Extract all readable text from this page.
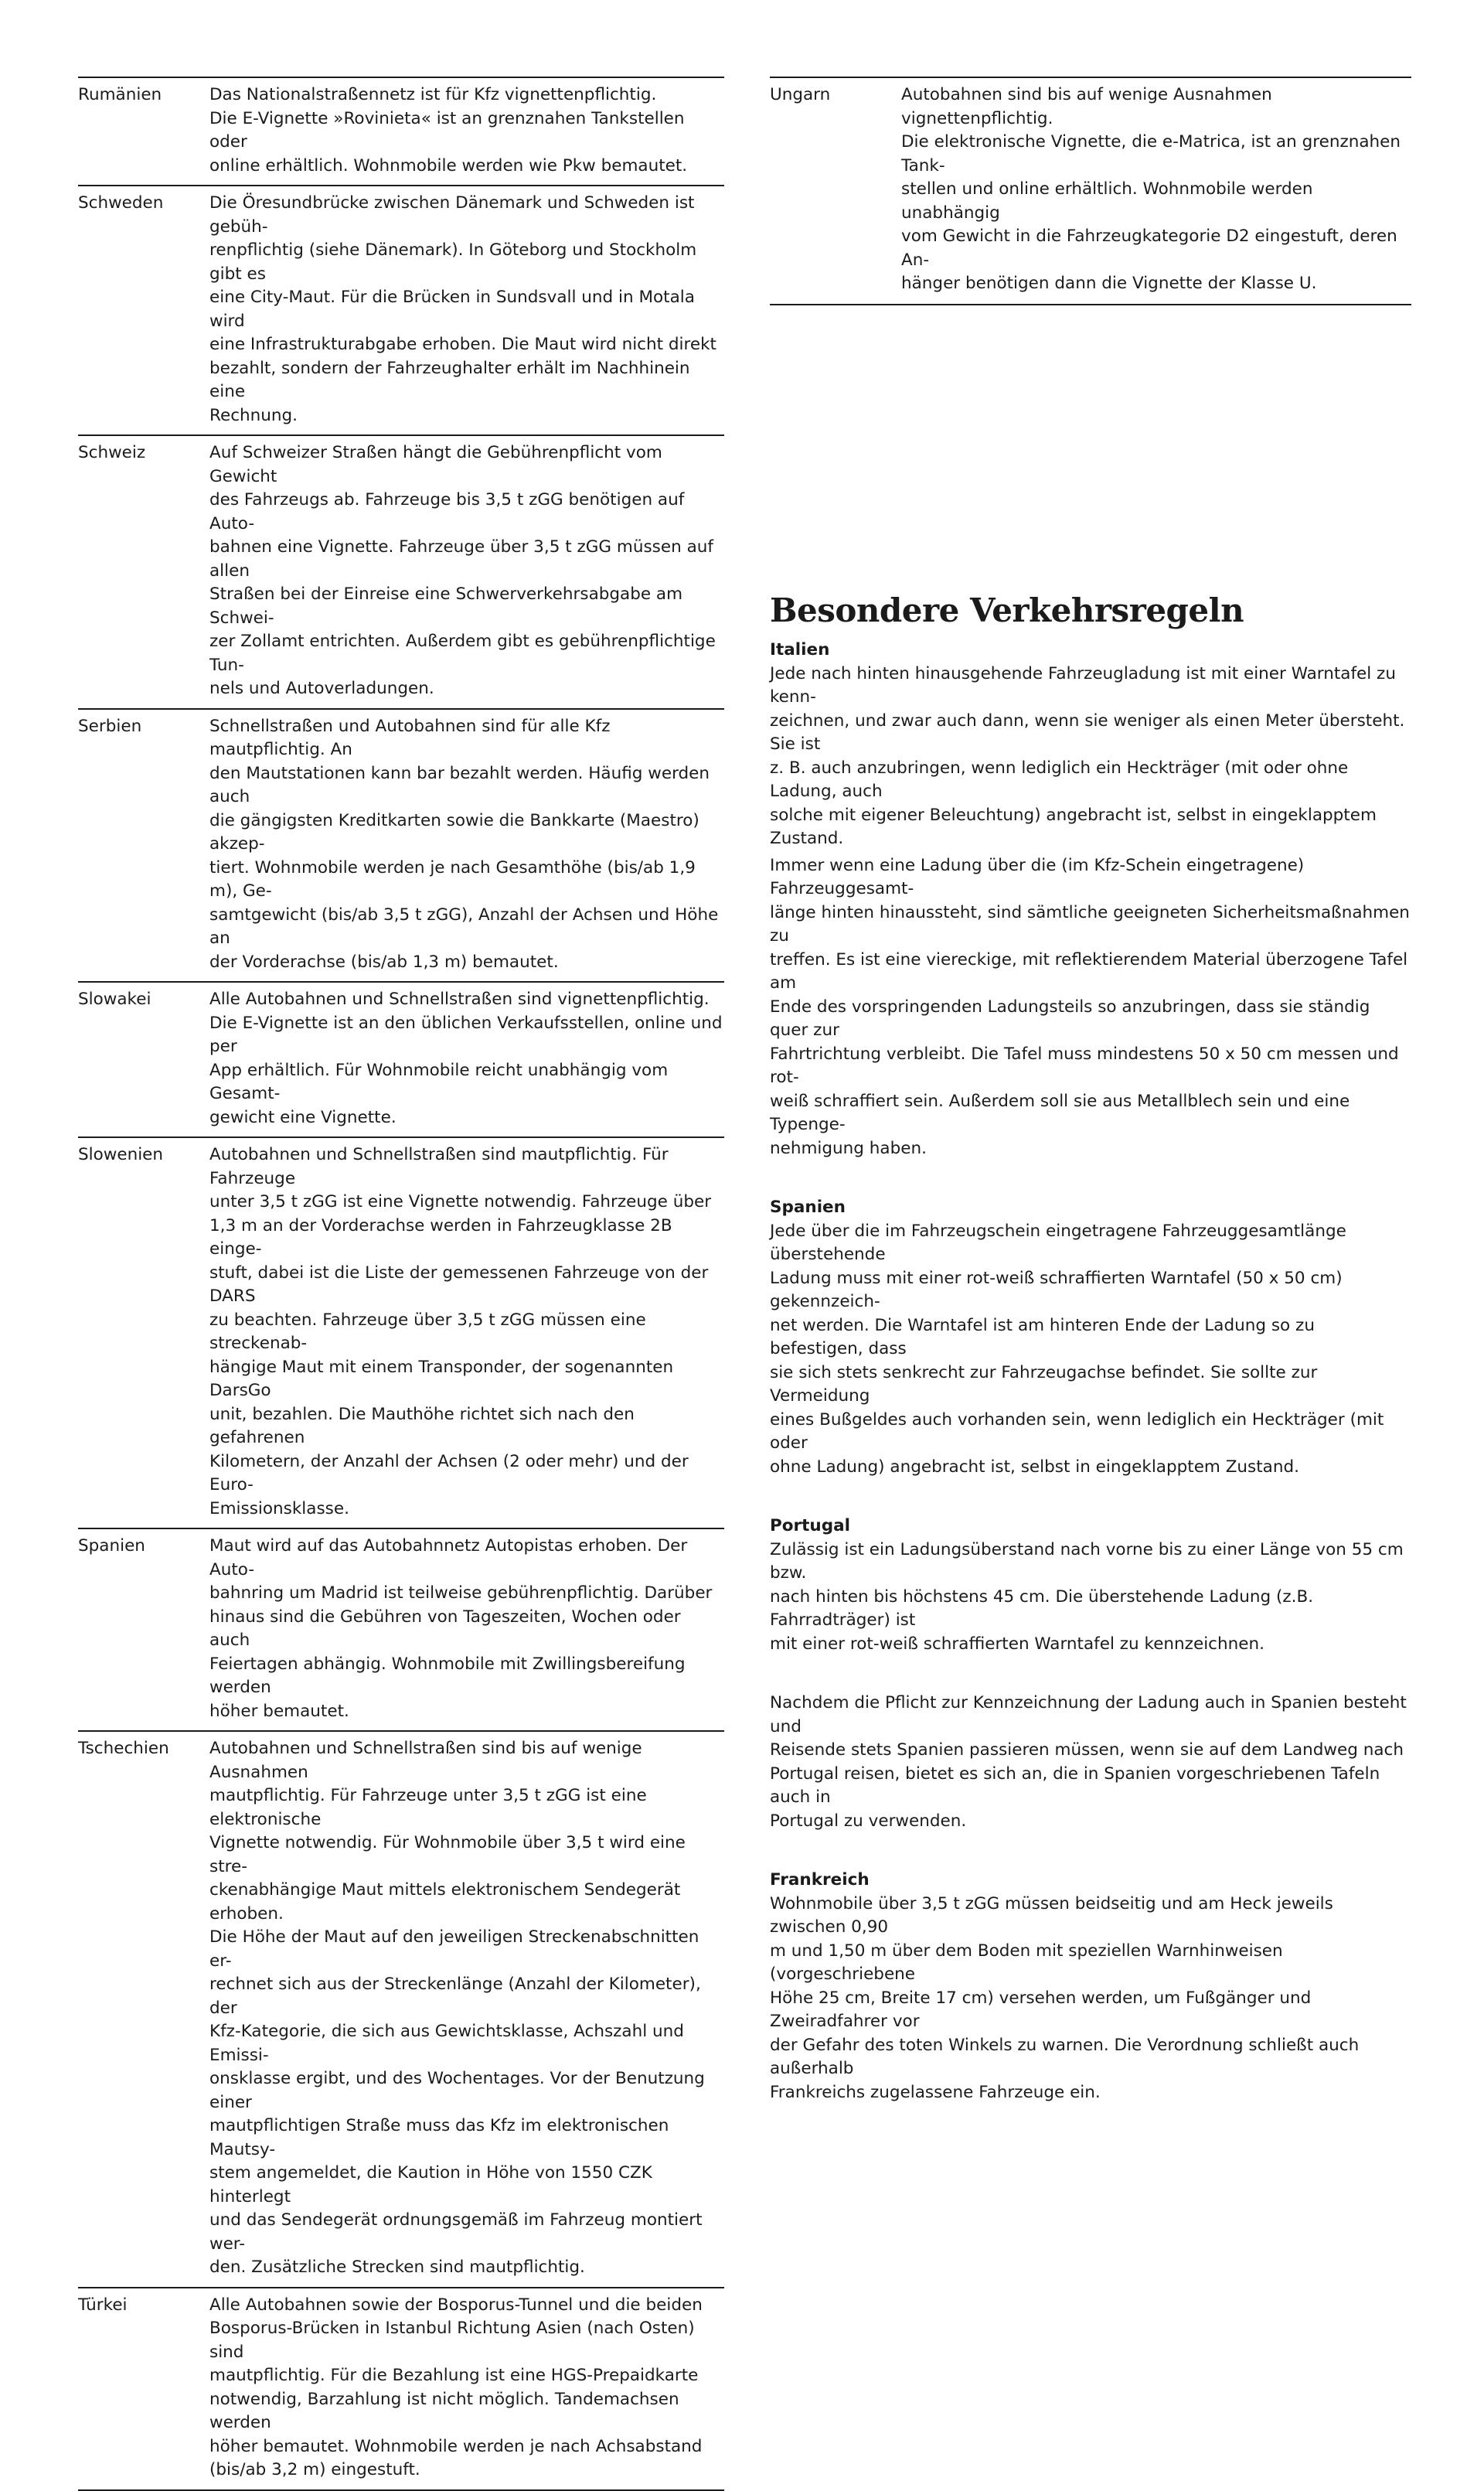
Rumänien	Das Nationalstraßennetz ist für Kfz vignettenpflichtig.
Die E-Vignette »Rovinieta« ist an grenznahen Tankstellen oder
online erhältlich. Wohnmobile werden wie Pkw bemautet.
Schweden	Die Öresundbrücke zwischen Dänemark und Schweden ist gebüh-
renpflichtig (siehe Dänemark). In Göteborg und Stockholm gibt es
eine City-Maut. Für die Brücken in Sundsvall und in Motala wird
eine Infrastrukturabgabe erhoben. Die Maut wird nicht direkt
bezahlt, sondern der Fahrzeughalter erhält im Nachhinein eine
Rechnung.
Schweiz	Auf Schweizer Straßen hängt die Gebührenpflicht vom Gewicht
des Fahrzeugs ab. Fahrzeuge bis 3,5 t zGG benötigen auf Auto-
bahnen eine Vignette. Fahrzeuge über 3,5 t zGG müssen auf allen
Straßen bei der Einreise eine Schwerverkehrsabgabe am Schwei-
zer Zollamt entrichten. Außerdem gibt es gebührenpflichtige Tun-
nels und Autoverladungen.
Serbien	Schnellstraßen und Autobahnen sind für alle Kfz mautpflichtig. An
den Mautstationen kann bar bezahlt werden. Häufig werden auch
die gängigsten Kreditkarten sowie die Bankkarte (Maestro) akzep-
tiert. Wohnmobile werden je nach Gesamthöhe (bis/ab 1,9 m), Ge-
samtgewicht (bis/ab 3,5 t zGG), Anzahl der Achsen und Höhe an
der Vorderachse (bis/ab 1,3 m) bemautet.
Slowakei	Alle Autobahnen und Schnellstraßen sind vignettenpflichtig.
Die E-Vignette ist an den üblichen Verkaufsstellen, online und per
App erhältlich. Für Wohnmobile reicht unabhängig vom Gesamt-
gewicht eine Vignette.
Slowenien	Autobahnen und Schnellstraßen sind mautpflichtig. Für Fahrzeuge
unter 3,5 t zGG ist eine Vignette notwendig. Fahrzeuge über
1,3 m an der Vorderachse werden in Fahrzeugklasse 2B einge-
stuft, dabei ist die Liste der gemessenen Fahrzeuge von der DARS
zu beachten. Fahrzeuge über 3,5 t zGG müssen eine streckenab-
hängige Maut mit einem Transponder, der sogenannten DarsGo
unit, bezahlen. Die Mauthöhe richtet sich nach den gefahrenen
Kilometern, der Anzahl der Achsen (2 oder mehr) und der Euro-
Emissionsklasse.
Spanien	Maut wird auf das Autobahnnetz Autopistas erhoben. Der Auto-
bahnring um Madrid ist teilweise gebührenpflichtig. Darüber
hinaus sind die Gebühren von Tageszeiten, Wochen oder auch
Feiertagen abhängig. Wohnmobile mit Zwillingsbereifung werden
höher bemautet.
Tschechien	Autobahnen und Schnellstraßen sind bis auf wenige Ausnahmen
mautpflichtig. Für Fahrzeuge unter 3,5 t zGG ist eine elektronische
Vignette notwendig. Für Wohnmobile über 3,5 t wird eine stre-
ckenabhängige Maut mittels elektronischem Sendegerät erhoben.
Die Höhe der Maut auf den jeweiligen Streckenabschnitten er-
rechnet sich aus der Streckenlänge (Anzahl der Kilometer), der
Kfz-Kategorie, die sich aus Gewichtsklasse, Achszahl und Emissi-
onsklasse ergibt, und des Wochentages. Vor der Benutzung einer
mautpflichtigen Straße muss das Kfz im elektronischen Mautsy-
stem angemeldet, die Kaution in Höhe von 1550 CZK hinterlegt
und das Sendegerät ordnungsgemäß im Fahrzeug montiert wer-
den. Zusätzliche Strecken sind mautpflichtig.
Türkei	Alle Autobahnen sowie der Bosporus-Tunnel und die beiden
Bosporus-Brücken in Istanbul Richtung Asien (nach Osten) sind
mautpflichtig. Für die Bezahlung ist eine HGS-Prepaidkarte
notwendig, Barzahlung ist nicht möglich. Tandemachsen werden
höher bemautet. Wohnmobile werden je nach Achsabstand
(bis/ab 3,2 m) eingestuft.
Ungarn	Autobahnen sind bis auf wenige Ausnahmen vignettenpflichtig.
Die elektronische Vignette, die e-Matrica, ist an grenznahen Tank-
stellen und online erhältlich. Wohnmobile werden unabhängig
vom Gewicht in die Fahrzeugkategorie D2 eingestuft, deren An-
hänger benötigen dann die Vignette der Klasse U.
Besondere Verkehrsregeln

Italien

Jede nach hinten hinausgehende Fahrzeugladung ist mit einer Warntafel zu kenn-
zeichnen, und zwar auch dann, wenn sie weniger als einen Meter übersteht. Sie ist
z. B. auch anzubringen, wenn lediglich ein Heckträger (mit oder ohne Ladung, auch
solche mit eigener Beleuchtung) angebracht ist, selbst in eingeklapptem Zustand.

Immer wenn eine Ladung über die (im Kfz-Schein eingetragene) Fahrzeuggesamt-
länge hinten hinaussteht, sind sämtliche geeigneten Sicherheitsmaßnahmen zu
treffen. Es ist eine viereckige, mit reflektierendem Material überzogene Tafel am
Ende des vorspringenden Ladungsteils so anzubringen, dass sie ständig quer zur
Fahrtrichtung verbleibt. Die Tafel muss mindestens 50 x 50 cm messen und rot-
weiß schraffiert sein. Außerdem soll sie aus Metallblech sein und eine Typenge-
nehmigung haben.

Spanien

Jede über die im Fahrzeugschein eingetragene Fahrzeuggesamtlänge überstehende
Ladung muss mit einer rot-weiß schraffierten Warntafel (50 x 50 cm) gekennzeich-
net werden. Die Warntafel ist am hinteren Ende der Ladung so zu befestigen, dass
sie sich stets senkrecht zur Fahrzeugachse befindet. Sie sollte zur Vermeidung
eines Bußgeldes auch vorhanden sein, wenn lediglich ein Heckträger (mit oder
ohne Ladung) angebracht ist, selbst in eingeklapptem Zustand.

Portugal

Zulässig ist ein Ladungsüberstand nach vorne bis zu einer Länge von 55 cm bzw.
nach hinten bis höchstens 45 cm. Die überstehende Ladung (z.B. Fahrradträger) ist
mit einer rot-weiß schraffierten Warntafel zu kennzeichnen.

Nachdem die Pflicht zur Kennzeichnung der Ladung auch in Spanien besteht und
Reisende stets Spanien passieren müssen, wenn sie auf dem Landweg nach
Portugal reisen, bietet es sich an, die in Spanien vorgeschriebenen Tafeln auch in
Portugal zu verwenden.

Frankreich

Wohnmobile über 3,5 t zGG müssen beidseitig und am Heck jeweils zwischen 0,90
m und 1,50 m über dem Boden mit speziellen Warnhinweisen (vorgeschriebene
Höhe 25 cm, Breite 17 cm) versehen werden, um Fußgänger und Zweiradfahrer vor
der Gefahr des toten Winkels zu warnen. Die Verordnung schließt auch außerhalb
Frankreichs zugelassene Fahrzeuge ein.
